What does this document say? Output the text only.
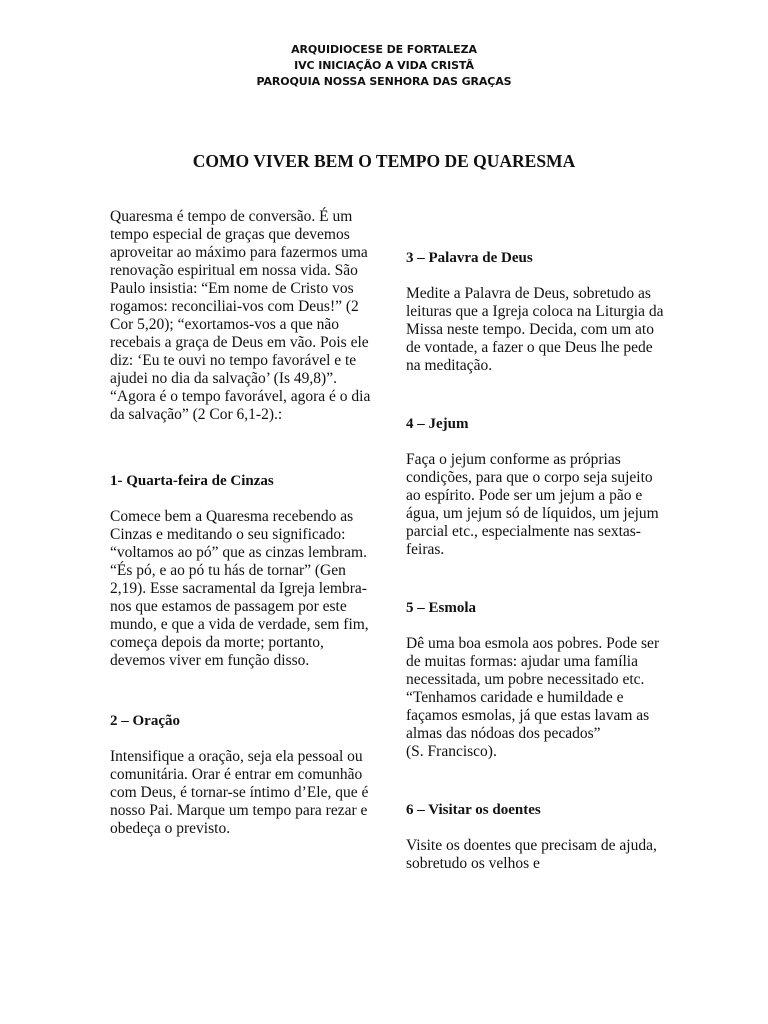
ARQUIDIOCESE DE FORTALEZA
IVC INICIAÇÃO A VIDA CRISTÃ
PAROQUIA NOSSA SENHORA DAS GRAÇAS
COMO VIVER BEM O TEMPO DE QUARESMA

Quaresma é tempo de conversão. É um tempo especial de graças que devemos aproveitar ao máximo para fazermos uma renovação espiritual em nossa vida. São Paulo insistia: “Em nome de Cristo vos rogamos: reconciliai-vos com Deus!” (2 Cor 5,20); “exortamos-vos a que não recebais a graça de Deus em vão. Pois ele diz: ‘Eu te ouvi no tempo favorável e te ajudei no dia da salvação’ (Is 49,8)”. “Agora é o tempo favorável, agora é o dia da salvação” (2 Cor 6,1-2).:

1- Quarta-feira de Cinzas

Comece bem a Quaresma recebendo as Cinzas e meditando o seu significado: “voltamos ao pó” que as cinzas lembram. “És pó, e ao pó tu hás de tornar” (Gen 2,19). Esse sacramental da Igreja lembra-nos que estamos de passagem por este mundo, e que a vida de verdade, sem fim, começa depois da morte; portanto, devemos viver em função disso.

2 – Oração

Intensifique a oração, seja ela pessoal ou comunitária. Orar é entrar em comunhão com Deus, é tornar-se íntimo d’Ele, que é nosso Pai. Marque um tempo para rezar e obedeça o previsto.

3 – Palavra de Deus

Medite a Palavra de Deus, sobretudo as leituras que a Igreja coloca na Liturgia da Missa neste tempo. Decida, com um ato de vontade, a fazer o que Deus lhe pede na meditação.

4 – Jejum

Faça o jejum conforme as próprias condições, para que o corpo seja sujeito ao espírito. Pode ser um jejum a pão e água, um jejum só de líquidos, um jejum parcial etc., especialmente nas sextas-feiras.

5 – Esmola

Dê uma boa esmola aos pobres. Pode ser de muitas formas: ajudar uma família necessitada, um pobre necessitado etc.

“Tenhamos caridade e humildade e façamos esmolas, já que estas lavam as almas das nódoas dos pecados”

(S. Francisco).

6 – Visitar os doentes

Visite os doentes que precisam de ajuda, sobretudo os velhos e
